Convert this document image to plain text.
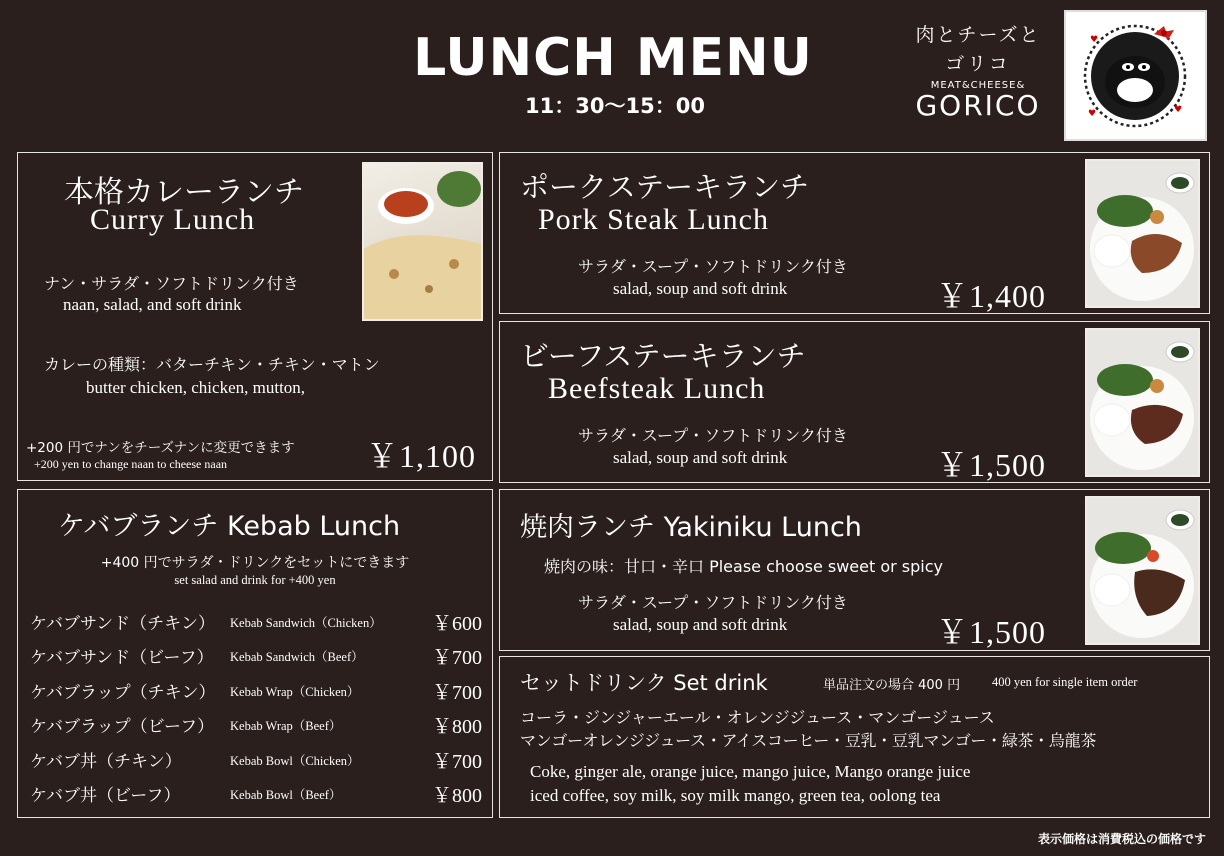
LUNCH MENU
11：30〜15：00
肉とチーズと
ゴリコ
MEAT&CHEESE&
GORICO
♥
♥
♥
本格カレーランチ
Curry Lunch
ナン・サラダ・ソフトドリンク付き
naan, salad, and soft drink
カレーの種類：バターチキン・チキン・マトン
butter chicken, chicken, mutton,
+200 円でナンをチーズナンに変更できます
+200 yen to change naan to cheese naan	￥1,100
ケバブランチ Kebab Lunch
+400 円でサラダ・ドリンクをセットにできます
set salad and drink for +400 yen
ケバブサンド（チキン） Kebab Sandwich（Chicken）	￥600
ケバブサンド（ビーフ） Kebab Sandwich（Beef）	￥700
ケバブラップ（チキン） Kebab Wrap（Chicken）	￥700
ケバブラップ（ビーフ） Kebab Wrap（Beef）	￥800
ケバブ丼（チキン）	Kebab Bowl（Chicken）	￥700
ケバブ丼（ビーフ）	Kebab Bowl（Beef）	￥800
ポークステーキランチ
Pork Steak Lunch
サラダ・スープ・ソフトドリンク付き
salad, soup and soft drink	￥1,400
ビーフステーキランチ
Beefsteak Lunch
サラダ・スープ・ソフトドリンク付き
salad, soup and soft drink	￥1,500
焼肉ランチ Yakiniku Lunch
焼肉の味：甘口・辛口 Please choose sweet or spicy
サラダ・スープ・ソフトドリンク付き
salad, soup and soft drink	￥1,500
セットドリンク Set drink	単品注文の場合 400 円	400 yen for single item order
コーラ・ジンジャーエール・オレンジジュース・マンゴージュース
マンゴーオレンジジュース・アイスコーヒー・豆乳・豆乳マンゴー・緑茶・烏龍茶
Coke, ginger ale, orange juice, mango juice, Mango orange juice
iced coffee, soy milk, soy milk mango, green tea, oolong tea
表示価格は消費税込の価格です
